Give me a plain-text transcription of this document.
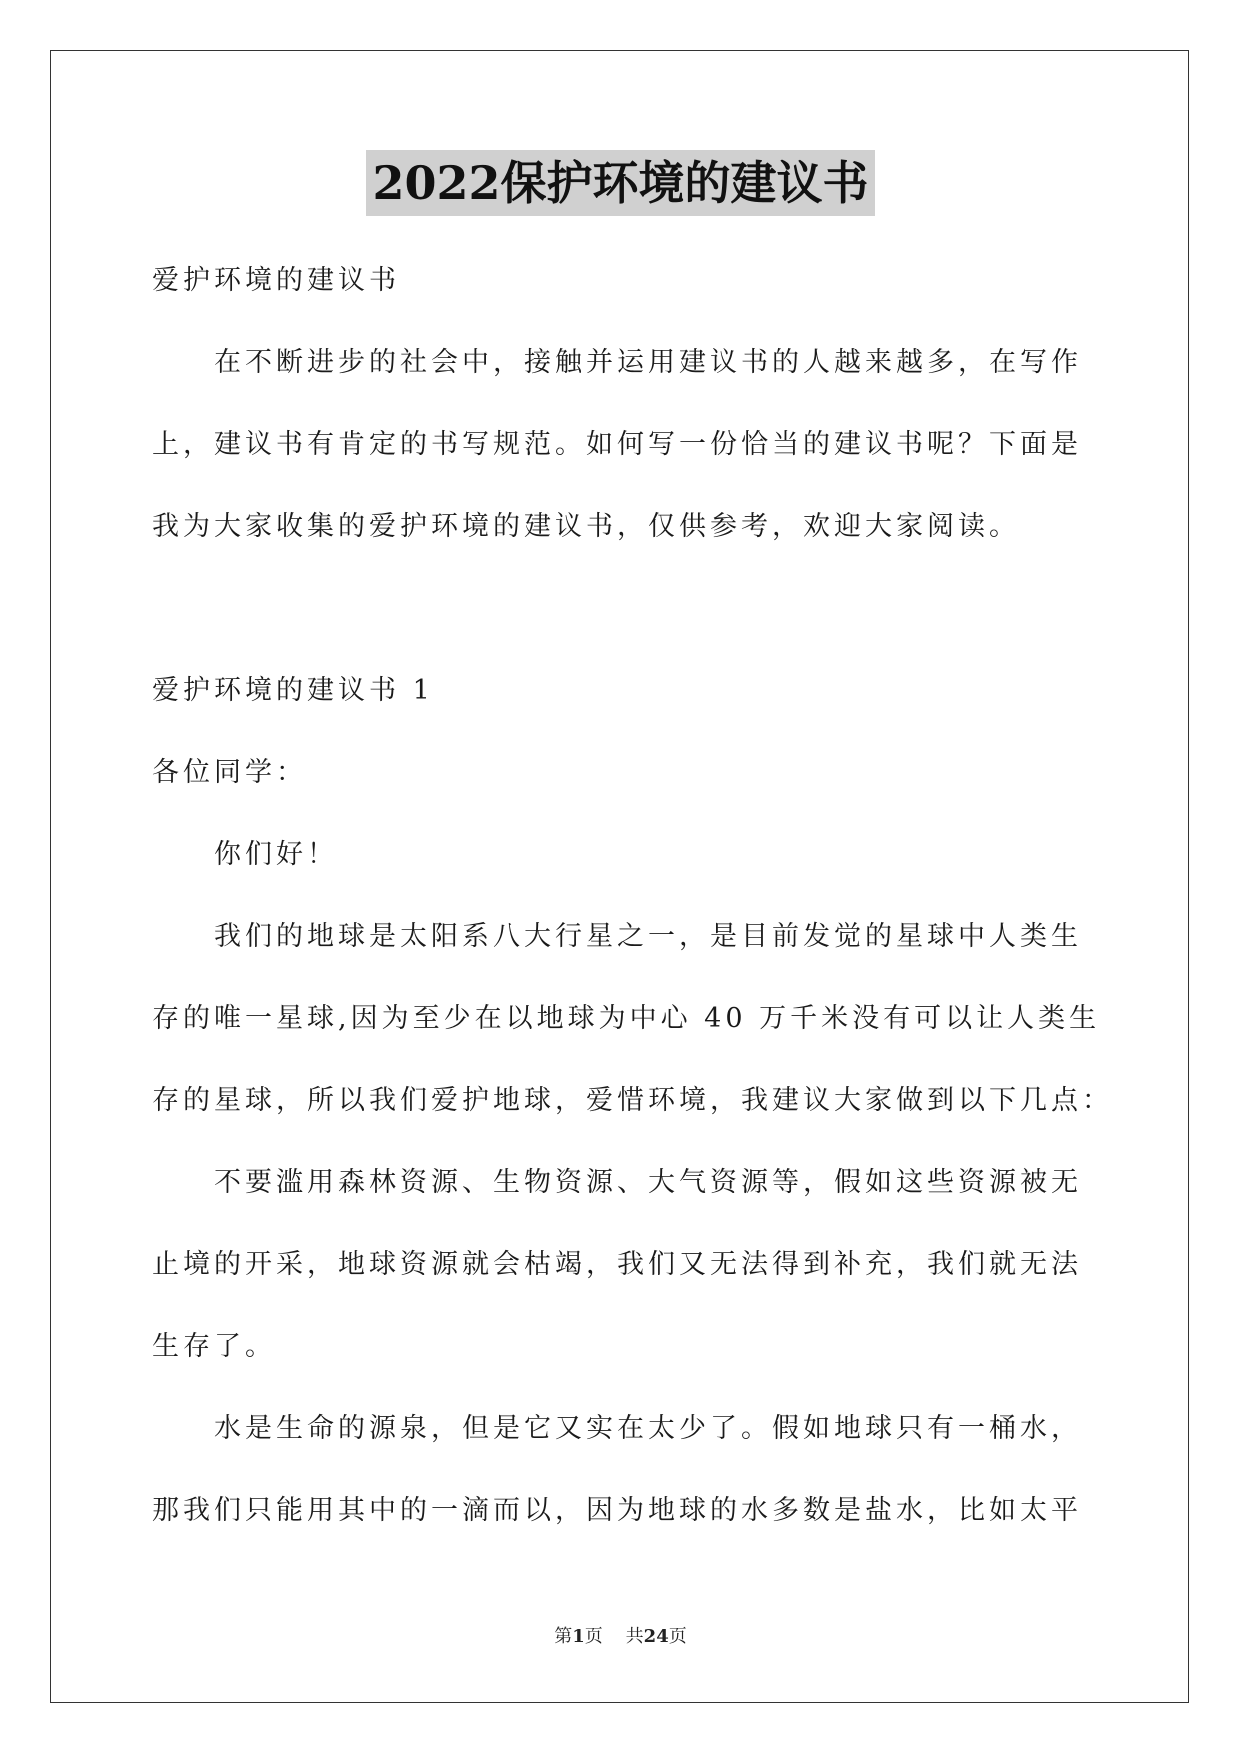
2022保护环境的建议书
爱护环境的建议书
在不断进步的社会中，接触并运用建议书的人越来越多，在写作
上，建议书有肯定的书写规范。如何写一份恰当的建议书呢？下面是
我为大家收集的爱护环境的建议书，仅供参考，欢迎大家阅读。
爱护环境的建议书 1
各位同学：
你们好！
我们的地球是太阳系八大行星之一，是目前发觉的星球中人类生
存的唯一星球,因为至少在以地球为中心 40 万千米没有可以让人类生
存的星球，所以我们爱护地球，爱惜环境，我建议大家做到以下几点：
不要滥用森林资源、生物资源、大气资源等，假如这些资源被无
止境的开采，地球资源就会枯竭，我们又无法得到补充，我们就无法
生存了。
水是生命的源泉，但是它又实在太少了。假如地球只有一桶水，
那我们只能用其中的一滴而以，因为地球的水多数是盐水，比如太平
第1页 共24页
